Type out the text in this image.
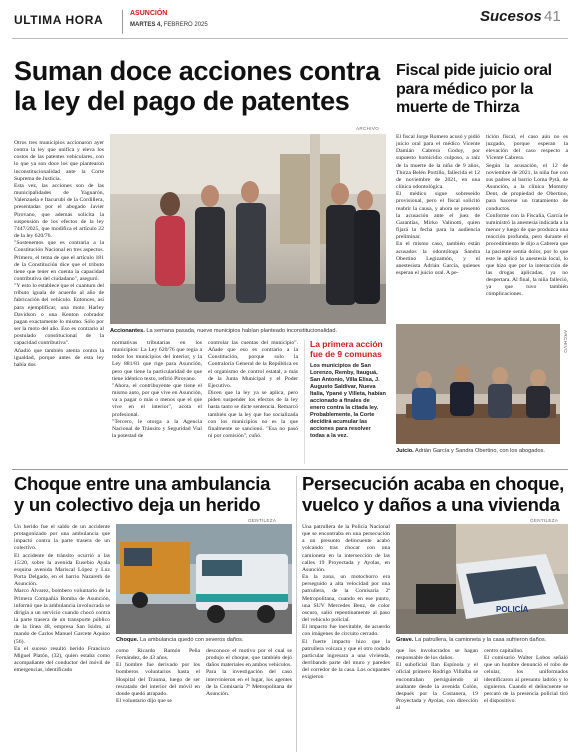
ULTIMA HORA	ASUNCIÓN
MARTES 4, FEBRERO 2025	Sucesos 41
Suman doce acciones contra
la ley del pago de patentes
ARCHIVO
Otros tres municipios accionaron ayer contra la ley que unifica y eleva los costos de las patentes vehiculares, con lo que ya son doce los que plantearon inconstitucionalidad ante la Corte Suprema de Justicia.
Esta vez, las acciones son de las municipalidades de Yaguarón, Valenzuela e Itacurubí de la Cordillera, presentadas por el abogado Javier Pirovano, que además solicita la suspensión de los efectos de la ley 7447/2025, que modifica el artículo 22 de la ley 620/76.
"Sostenemos que es contraria a la Constitución Nacional en tres aspectos. Primero, el tema de que el artículo 181 de la Constitución dice que el tributo tiene que tener en cuenta la capacidad contributiva del ciudadano", aseguró.
"Y esto lo establece que el cuantum del tributo iguala de acuerdo al año de fabricación del vehículo. Entonces, así para ejemplificar, una moto Harley Davidson o una Kenton cobrador pagan exactamente lo mismo. Sólo por ser la moto del año. Eso es contrario al postulado constitucional de la capacidad contributiva".
Añadió que también atenta contra la igualdad, porque antes de esta ley había dos
Accionantes. La semana pasada, nueve municipios habían planteado inconstitucionalidad.
normativas tributarias en los municipios: La Ley 620/76 que regía a todos los municipios del interior, y la Ley 881/81 que rige para Asunción, pero que tiene la particularidad de que tiene idéntico texto, refirió Pirovano.
"Ahora, el contribuyente que tiene el mismo auto, por que vive en Asunción, va a pagar o más o menos que el que vive en el interior", acota el profesional.
"Tercero, le otorga a la Agencia Nacional de Tránsito y Seguridad Vial la potestad de
controlar las cuentas del municipio". Añade que eso es contrario a la Constitución, porque solo la Contraloría General de la República es el organismo de control estatal, a más de la Junta Municipal y el Poder Ejecutivo.
Dicen que la ley ya se aplica, pero piden suspender los efectos de la ley hasta tanto se dicte sentencia. Remarcó también que la ley que fue socializada con los municipios no es la que finalmente se sancionó. "Esa no pasó ni por comisión", cuñó.
La primera acción fue de 9 comunas
Los municipios de San Lorenzo, Remby, Itauguá, San Antonio, Villa Elisa, J. Augusto Saldívar, Nueva Italia, Ypané y Villeta, habían accionado a finales de enero contra la citada ley. Probablemente, la Corte decidirá acumular las acciones para resolver todas a la vez.
Fiscal pide juicio oral para médico por la muerte de Thirza
El fiscal Jorge Romero acusó y pidió juicio oral para el médico Vicente Damián Cabrera Godoy, por supuesto homicidio culposo, a raíz de la muerte de la niña de 9 años, Thirza Belén Portillo, fallecida el 12 de noviembre de 2021, en una clínica odontológica.
El médico sigue sobreseído provisional, pero el fiscal solicitó reabrir la causa, y ahora se presentó la acusación ante el juez de Garantías, Mirko Valinotti, quien fijará la fecha para la audiencia preliminar.
En el mismo caso, también están acusados la odontóloga Sandra Obertino Legizamón, y el anestesista Adrián García, quienes esperan el juicio oral. A pe-
tición fiscal, el caso aún no es juzgado, porque esperan la elevación del caso respecto a Vicente Cabrera.
Según la acusación, el 12 de noviembre de 2021, la niña fue con sus padres al barrio Loma Pytã, de Asunción, a la clínica Mommy Dent, de propiedad de Obertino, para hacerse un tratamiento de conductos.
Conforme con la Fiscalía, García le suministró la anestesia indicada a la menor y luego de que produzca una reacción profunda, pero durante el procedimiento le dijo a Cabrera que la paciente sentía dolor, por lo que este le aplicó la anestesia local, lo que hizo que por la interacción de las drogas aplicadas, ya no despertara. Al final, la niña falleció, ya que tuvo también complicaciones.
ARCHIVO
Juicio. Adrián García y Sandra Obertino, con los abogados.
Choque entre una ambulancia
y un colectivo deja un herido
GENTILEZA
Un herido fue el saldo de un accidente protagonizado por una ambulancia que impactó contra la parte trasera de un colectivo.
El accidente de tránsito ocurrió a las 15:20, sobre la avenida Eusebio Ayala esquina avenida Mariscal López y Luz Porta Delgado, en el barrio Nazareth de Asunción.
Marco Álvarez, bombero voluntario de la Primera Compañía Bomba de Asunción, informó que la ambulancia involucrada se dirigía a un servicio cuando chocó contra la parte trasera de un transporte público de la línea 48, empresa San Isidro, al mando de Carlos Manuel Garcete Aquino (56).
En el suceso resultó herido Francisco Miguel Platón, (32), quien estaba como acompañante del conductor del móvil de emergencias, identificado
Choque. La ambulancia quedó con severos daños.
como Ricardo Ramón Peña Fernández, de 43 años.
El hombre fue derivado por los bomberos voluntarios hasta el Hospital del Trauma, luego de ser rescatado del interior del móvil en donde quedó atrapado.
El voluntario dijo que se
desconoce el motivo por el cual se produjo el choque, que también dejó daños materiales en ambos vehículos.
Para la investigación del caso intervinieron en el lugar, los agentes de la Comisaría 7ª Metropolitana de Asunción.
Persecución acaba en choque,
vuelco y daños a una vivienda
GENTILEZA
Una patrullera de la Policía Nacional que se encontraba en una persecución a un presunto delincuente acabó volcando tras chocar con una camioneta en la intersección de las calles 19 Proyectada y Ayolas, en Asunción.
En la zona, un motochorro era perseguido a alta velocidad por una patrullera, de la Comisaría 2ª Metropolitana, cuando en ese punto, una SUV Mercedes Benz, de color oscuro, salió repentinamente al paso del vehículo policial.
El impacto fue inevitable, de acuerdo con imágenes de circuito cerrado.
El fuerte impacto hizo que la patrullera volcara y que el otro rodado particular ingresara a una vivienda, derribando parte del muro y paredes del corredor de la casa. Los ocupantes exigieron
POLICÍA
Grave. La patrullera, la camioneta y la casa sufrieron daños.
que los involucrados se hagan responsable de los daños.
El suboficial Ilan Espínola y el oficial primero Rodrigo Villalba se encontraban persiguiendo al asaltante desde la avenida Colón, después por la Costanera, 19 Proyectada y Ayolas, con dirección al
centro capitalino.
El comisario Walter Lobos señaló que un hombre denunció el robo de celular, los uniformados identificaron al presunto ladrón y lo siguieron. Cuando el delincuente se percató de la presencia policial tiró el dispositivo.
